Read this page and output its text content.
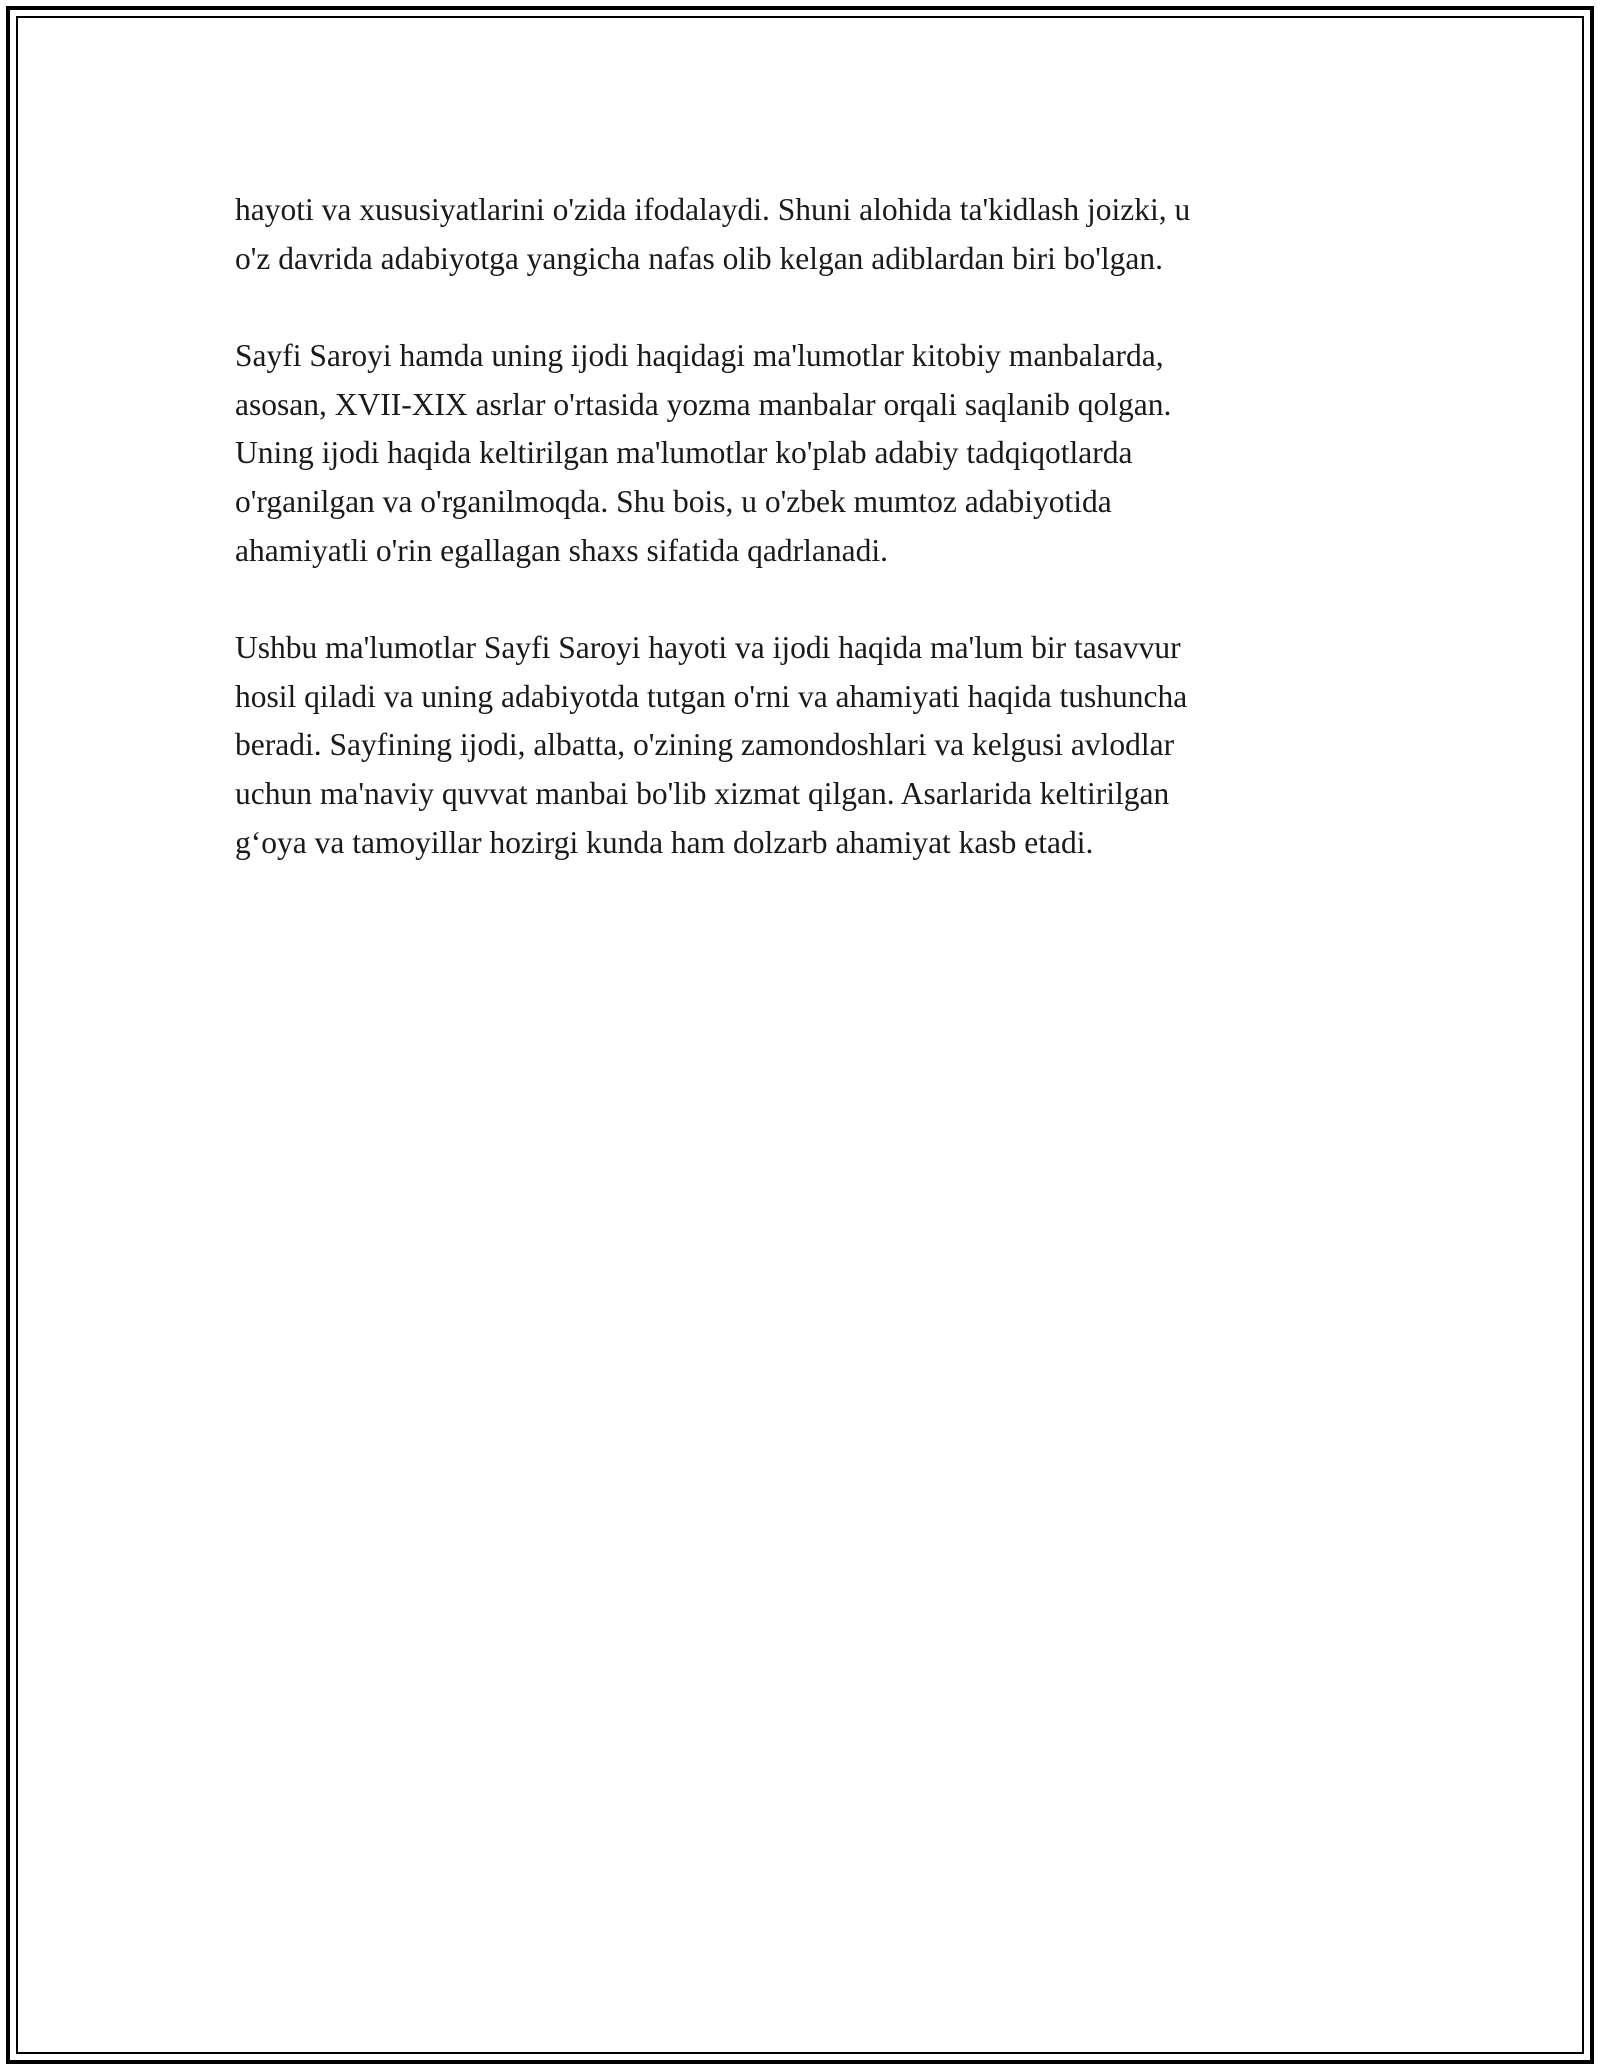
hayoti va xususiyatlarini o'zida ifodalaydi. Shuni alohida ta'kidlash joizki, u
o'z davrida adabiyotga yangicha nafas olib kelgan adiblardan biri bo'lgan.

Sayfi Saroyi hamda uning ijodi haqidagi ma'lumotlar kitobiy manbalarda,
asosan, XVII-XIX asrlar o'rtasida yozma manbalar orqali saqlanib qolgan.
Uning ijodi haqida keltirilgan ma'lumotlar ko'plab adabiy tadqiqotlarda
o'rganilgan va o'rganilmoqda. Shu bois, u o'zbek mumtoz adabiyotida
ahamiyatli o'rin egallagan shaxs sifatida qadrlanadi.

Ushbu ma'lumotlar Sayfi Saroyi hayoti va ijodi haqida ma'lum bir tasavvur
hosil qiladi va uning adabiyotda tutgan o'rni va ahamiyati haqida tushuncha
beradi. Sayfining ijodi, albatta, o'zining zamondoshlari va kelgusi avlodlar
uchun ma'naviy quvvat manbai bo'lib xizmat qilgan. Asarlarida keltirilgan
g‘oya va tamoyillar hozirgi kunda ham dolzarb ahamiyat kasb etadi.
